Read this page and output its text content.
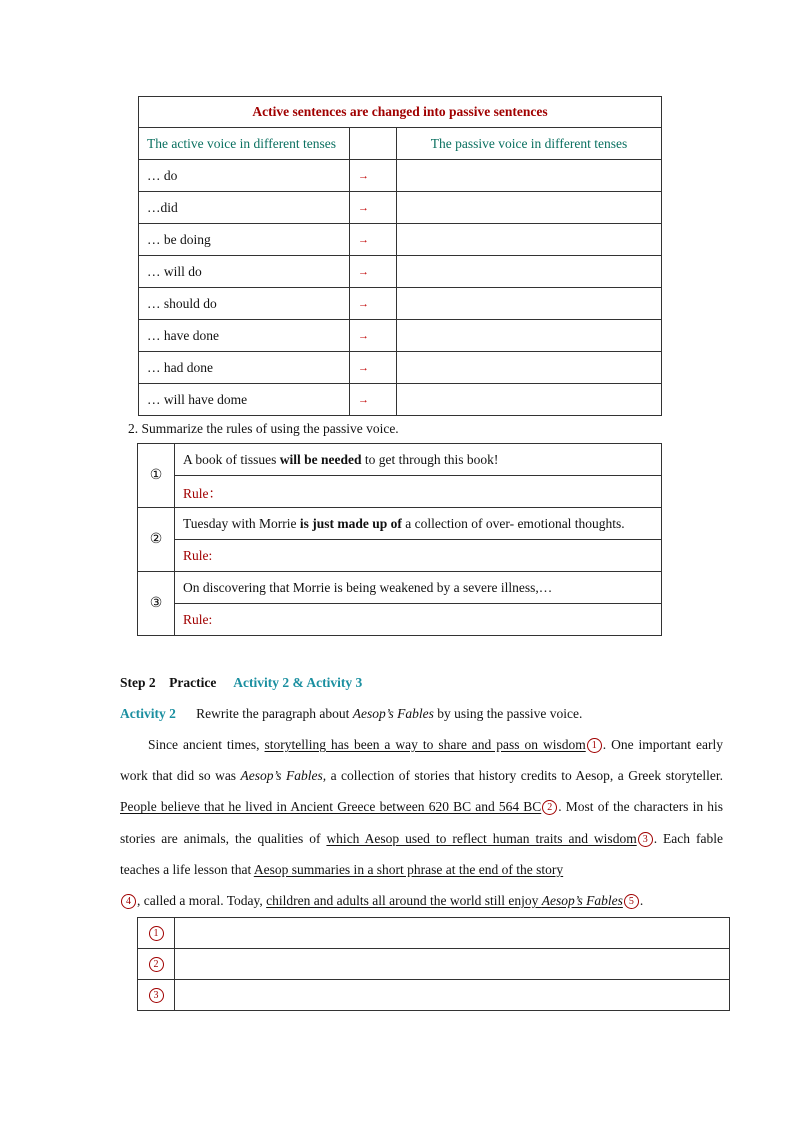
Active sentences are changed into passive sentences		
The active voice in different tenses		The passive voice in different tenses
… do	→	
…did	→	
… be doing	→	
… will do	→	
… should do	→	
… have done	→	
… had done	→	
… will have dome	→	

2. Summarize the rules of using the passive voice.

①	A book of tissues will be needed to get through this book!
	Rule：
②	Tuesday with Morrie is just made up of a collection of over- emotional thoughts.
	Rule:
③	On discovering that Morrie is being weakened by a severe illness,…
	Rule:

Step 2 Practice Activity 2 & Activity 3

Activity 2 Rewrite the paragraph about Aesop’s Fables by using the passive voice.

Since ancient times, storytelling has been a way to share and pass on wisdom 1 . One important early work that did so was Aesop’s Fables, a collection of stories that history credits to Aesop, a Greek storyteller. People believe that he lived in Ancient Greece between 620 BC and 564 BC 2 . Most of the characters in his stories are animals, the qualities of which Aesop used to reflect human traits and wisdom 3 . Each fable teaches a life lesson that Aesop summaries in a short phrase at the end of the story
4 , called a moral. Today, children and adults all around the world still enjoy Aesop’s Fables 5 .

1	
2	
3	
